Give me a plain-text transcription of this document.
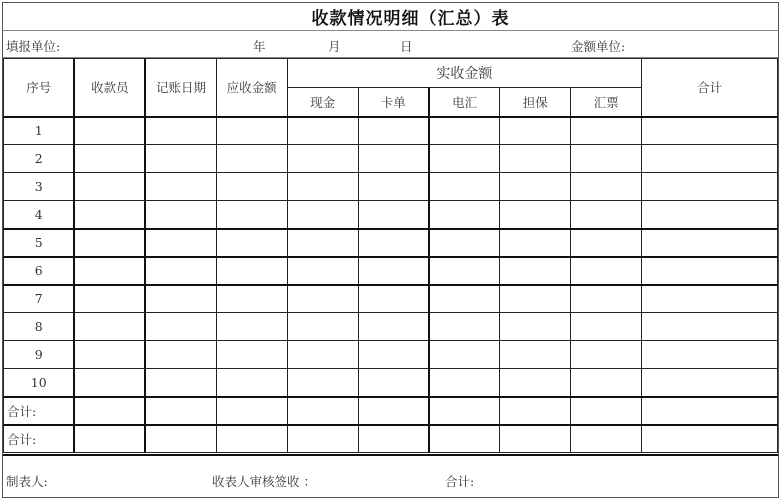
收款情况明细（汇总）表
填报单位:	年	月	日	金额单位:
序号	收款员	记账日期	应收金额	实收金额					合计
				现金	卡单	电汇	担保	汇票	
1									
2									
3									
4									
5									
6									
7									
8									
9									
10									
合计:									
合计:									
制表人:	收表人审核签收 ：	合计:
